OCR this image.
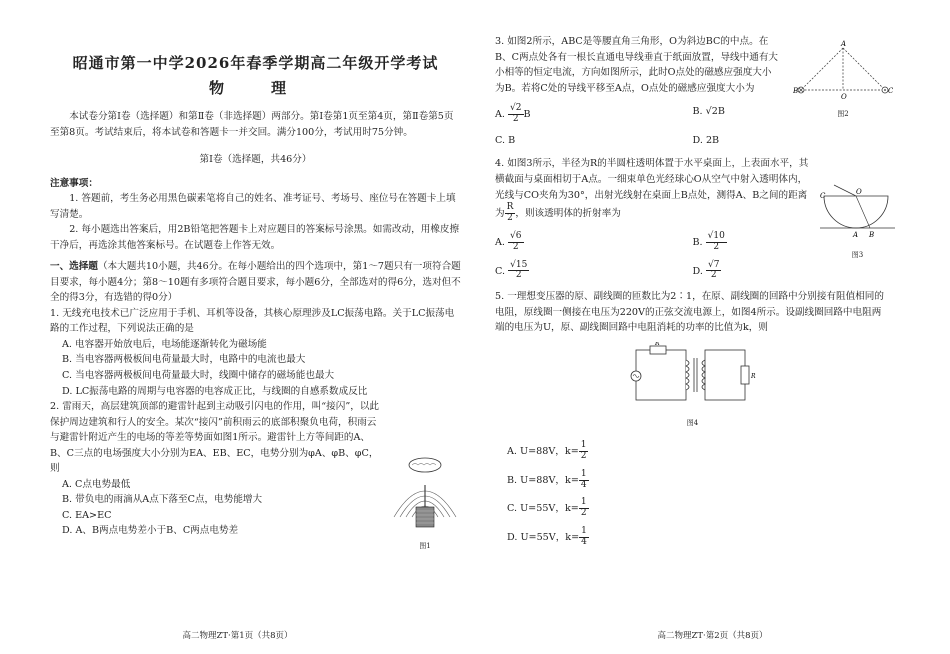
昭通市第一中学2026年春季学期高二年级开学考试

物　理

本试卷分第Ⅰ卷（选择题）和第Ⅱ卷（非选择题）两部分。第Ⅰ卷第1页至第4页，第Ⅱ卷第5页至第8页。考试结束后，将本试卷和答题卡一并交回。满分100分，考试用时75分钟。

第Ⅰ卷（选择题，共46分）

注意事项：

1. 答题前，考生务必用黑色碳素笔将自己的姓名、准考证号、考场号、座位号在答题卡上填写清楚。

2. 每小题选出答案后，用2B铅笔把答题卡上对应题目的答案标号涂黑。如需改动，用橡皮擦干净后，再选涂其他答案标号。在试题卷上作答无效。

一、选择题（本大题共10小题，共46分。在每小题给出的四个选项中，第1～7题只有一项符合题目要求，每小题4分；第8～10题有多项符合题目要求，每小题6分，全部选对的得6分，选对但不全的得3分，有选错的得0分）

1. 无线充电技术已广泛应用于手机、耳机等设备，其核心原理涉及LC振荡电路。关于LC振荡电路的工作过程，下列说法正确的是

A. 电容器开始放电后，电场能逐渐转化为磁场能

B. 当电容器两极板间电荷量最大时，电路中的电流也最大

C. 当电容器两极板间电荷量最大时，线圈中储存的磁场能也最大

D. LC振荡电路的周期与电容器的电容成正比，与线圈的自感系数成反比

2. 雷雨天，高层建筑顶部的避雷针起到主动吸引闪电的作用，叫“接闪”，以此保护周边建筑和行人的安全。某次“接闪”前积雨云的底部积聚负电荷，积雨云与避雷针附近产生的电场的等差等势面如图1所示。避雷针上方等间距的A、B、C三点的电场强度大小分别为EA、EB、EC，电势分别为φA、φB、φC，则

A. C点电势最低

B. 带负电的雨滴从A点下落至C点，电势能增大

C. EA>EC

D. A、B两点电势差小于B、C两点电势差

图1
高二物理ZT·第1页（共8页）

3. 如图2所示，ABC是等腰直角三角形，O为斜边BC的中点。在B、C两点处各有一根长直通电导线垂直于纸面放置，导线中通有大小相等的恒定电流，方向如图所示，此时O点处的磁感应强度大小为B。若将C处的导线平移至A点，O点处的磁感应强度大小为

A. $\frac{√2}{2}$ B	B. √2B
C. B	D. 2B

4. 如图3所示，半径为R的半圆柱透明体置于水平桌面上，上表面水平，其横截面与桌面相切于A点。一细束单色光经球心O从空气中射入透明体内，光线与CO夹角为30°，出射光线射在桌面上B点处，测得A、B之间的距离为 $\frac{R}{2}$ ，则该透明体的折射率为

A. $\frac{√6}{2}$	B. $\frac{√10}{2}$
C. $\frac{√15}{2}$	D. $\frac{√7}{2}$

5. 一理想变压器的原、副线圈的匝数比为2∶1，在原、副线圈的回路中分别接有阻值相同的电阻，原线圈一侧接在电压为220V的正弦交流电源上，如图4所示。设副线圈回路中电阻两端的电压为U，原、副线圈回路中电阻消耗的功率的比值为k，则

R
R
图4

A. U=88V，$k= \frac{1}{2}$

B. U=88V，$k= \frac{1}{4}$

C. U=55V，$k= \frac{1}{2}$

D. U=55V，$k= \frac{1}{4}$

A
B
O
C
图2
O
C
A B
图3
高二物理ZT·第2页（共8页）
